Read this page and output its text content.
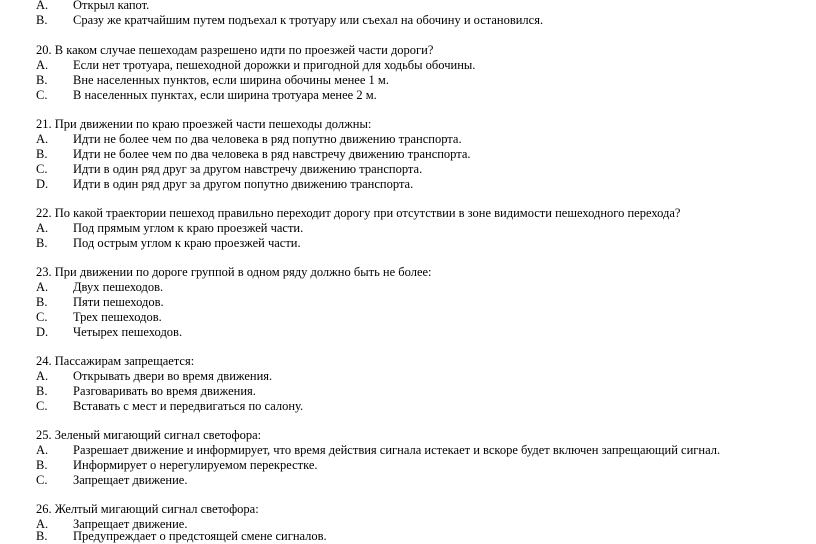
A. Открыл капот.
B. Сразу же кратчайшим путем подъехал к тротуару или съехал на обочину и остановился.
20. В каком случае пешеходам разрешено идти по проезжей части дороги?
A. Если нет тротуара, пешеходной дорожки и пригодной для ходьбы обочины.
B. Вне населенных пунктов, если ширина обочины менее 1 м.
C. В населенных пунктах, если ширина тротуара менее 2 м.
21. При движении по краю проезжей части пешеходы должны:
A. Идти не более чем по два человека в ряд попутно движению транспорта.
B. Идти не более чем по два человека в ряд навстречу движению транспорта.
C. Идти в один ряд друг за другом навстречу движению транспорта.
D. Идти в один ряд друг за другом попутно движению транспорта.
22. По какой траектории пешеход правильно переходит дорогу при отсутствии в зоне видимости пешеходного перехода?
A. Под прямым углом к краю проезжей части.
B. Под острым углом к краю проезжей части.
23. При движении по дороге группой в одном ряду должно быть не более:
A. Двух пешеходов.
B. Пяти пешеходов.
C. Трех пешеходов.
D. Четырех пешеходов.
24. Пассажирам запрещается:
A. Открывать двери во время движения.
B. Разговаривать во время движения.
C. Вставать с мест и передвигаться по салону.
25. Зеленый мигающий сигнал светофора:
A. Разрешает движение и информирует, что время действия сигнала истекает и вскоре будет включен запрещающий сигнал.
B. Информирует о нерегулируемом перекрестке.
C. Запрещает движение.
26. Желтый мигающий сигнал светофора:
A. Запрещает движение.
B. Предупреждает о предстоящей смене сигналов.
